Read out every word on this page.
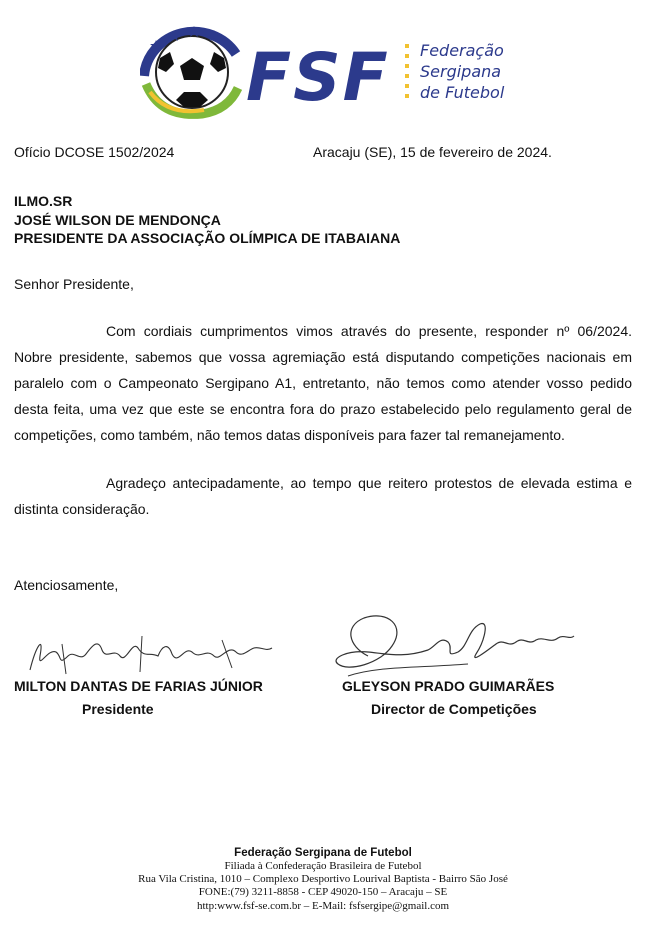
FSF Federação
Sergipana
de Futebol
Ofício DCOSE 1502/2024	Aracaju (SE), 15 de fevereiro de 2024.
ILMO.SR
JOSÉ WILSON DE MENDONÇA
PRESIDENTE DA ASSOCIAÇÃO OLÍMPICA DE ITABAIANA
Senhor Presidente,

Com cordiais cumprimentos vimos através do presente, responder nº 06/2024. Nobre presidente, sabemos que vossa agremiação está disputando competições nacionais em paralelo com o Campeonato Sergipano A1, entretanto, não temos como atender vosso pedido desta feita, uma vez que este se encontra fora do prazo estabelecido pelo regulamento geral de competições, como também, não temos datas disponíveis para fazer tal remanejamento.

Agradeço antecipadamente, ao tempo que reitero protestos de elevada estima e distinta consideração.

Atenciosamente,
MILTON DANTAS DE FARIAS JÚNIOR
Presidente
GLEYSON PRADO GUIMARÃES
Director de Competições
Federação Sergipana de Futebol
Filiada à Confederação Brasileira de Futebol
Rua Vila Cristina, 1010 – Complexo Desportivo Lourival Baptista - Bairro São José
FONE:(79) 3211-8858 - CEP 49020-150 – Aracaju – SE
http:www.fsf-se.com.br – E-Mail: fsfsergipe@gmail.com
